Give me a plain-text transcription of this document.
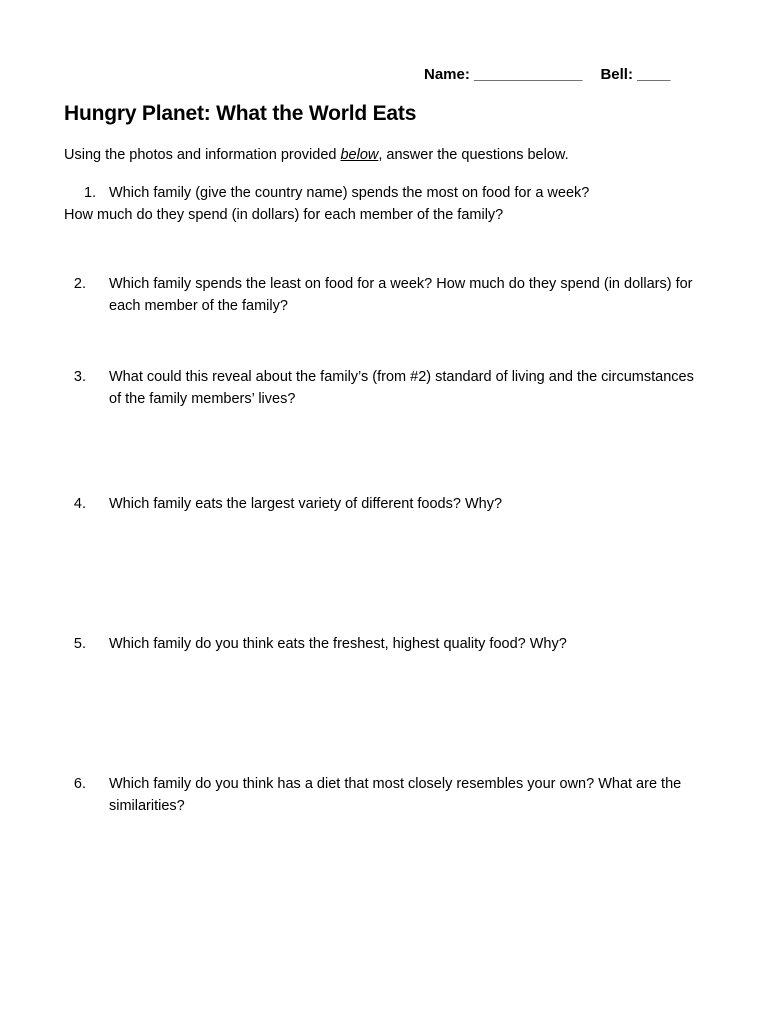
Name: _____________ Bell: ____
Hungry Planet: What the World Eats
Using the photos and information provided below, answer the questions below.
1. Which family (give the country name) spends the most on food for a week?
How much do they spend (in dollars) for each member of the family?
2. Which family spends the least on food for a week? How much do they spend (in dollars) for each member of the family?
3. What could this reveal about the family’s (from #2) standard of living and the circumstances of the family members’ lives?
4. Which family eats the largest variety of different foods? Why?
5. Which family do you think eats the freshest, highest quality food? Why?
6. Which family do you think has a diet that most closely resembles your own? What are the similarities?
